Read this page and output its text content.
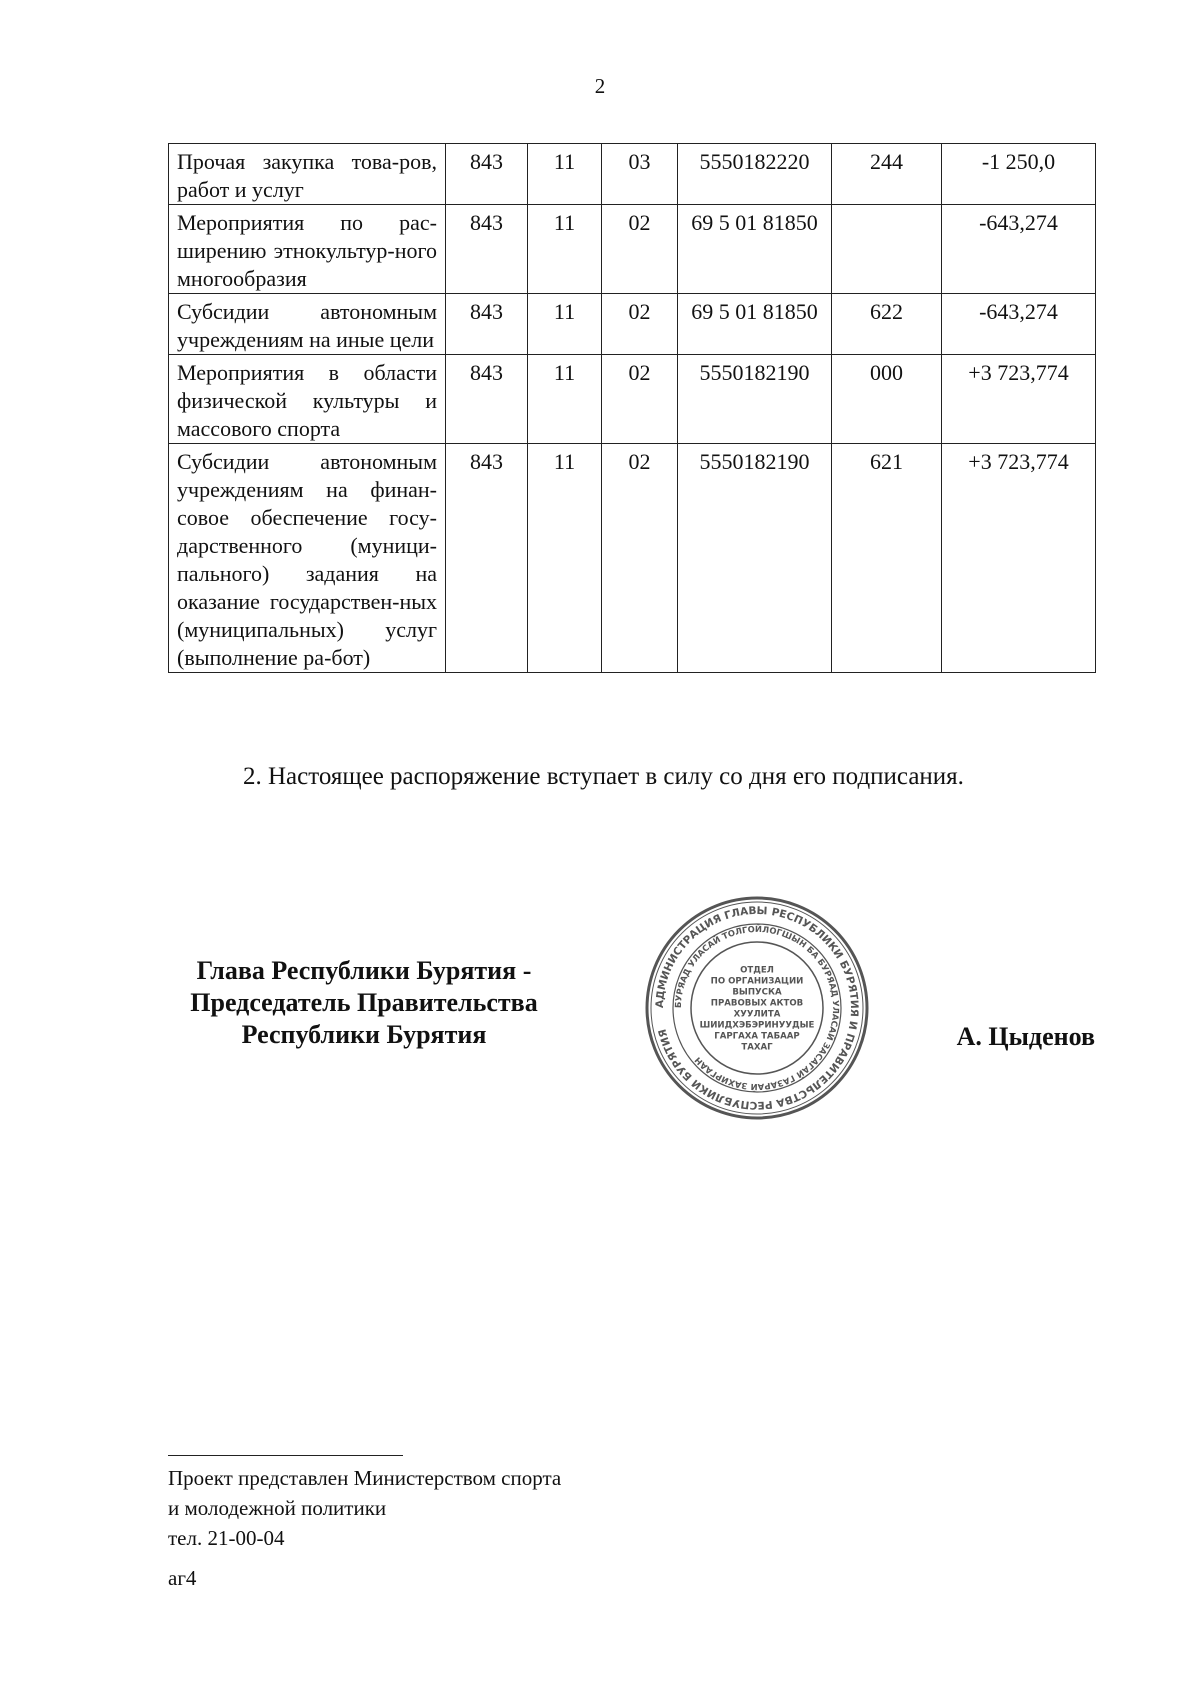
2
Прочая закупка това-ров, работ и услуг	843	11	03	5550182220	244	-1 250,0
Мероприятия по рас-ширению этнокультур-ного многообразия	843	11	02	69 5 01 81850		-643,274
Субсидии автономным учреждениям на иные цели	843	11	02	69 5 01 81850	622	-643,274
Мероприятия в области физической культуры и массового спорта	843	11	02	5550182190	000	+3 723,774
Субсидии автономным учреждениям на финан-совое обеспечение госу-дарственного (муници-пального) задания на оказание государствен-ных (муниципальных) услуг (выполнение ра-бот)	843	11	02	5550182190	621	+3 723,774
2. Настоящее распоряжение вступает в силу со дня его подписания.
Глава Республики Бурятия -
Председатель Правительства
Республики Бурятия
АДМИНИСТРАЦИЯ ГЛАВЫ РЕСПУБЛИКИ БУРЯТИЯ И ПРАВИТЕЛЬСТВА РЕСПУБЛИКИ БУРЯТИЯ
БУРЯАД УЛАСАЙ ТОЛГОЙЛОГШЫН БА БУРЯАД УЛАСАЙ ЗАСАГАЙ ГАЗАРАЙ ЗАХИРГААН
ОТДЕЛ
ПО ОРГАНИЗАЦИИ
ВЫПУСКА
ПРАВОВЫХ АКТОВ
ХУУЛИТА
ШИИДХЭБЭРИНУУДЫЕ
ГАРГАХА ТАБААР
ТАХАГ	А. Цыденов
Проект представлен Министерством спорта
и молодежной политики
тел. 21-00-04
аг4
